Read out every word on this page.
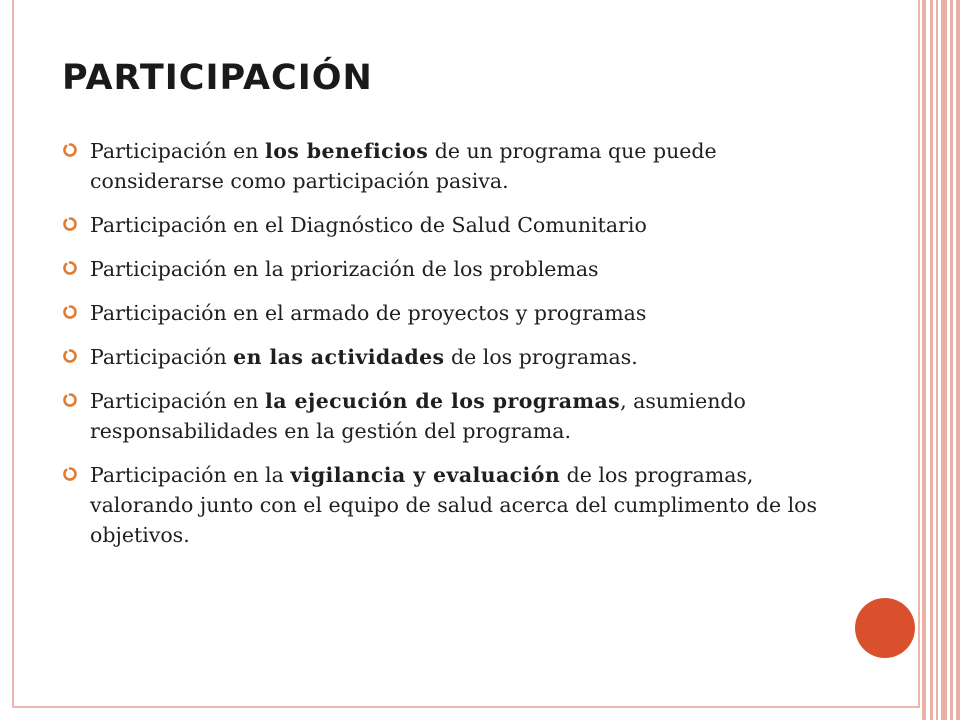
PARTICIPACIÓN
Participación en los beneficios de un programa que puede considerarse como participación pasiva.
Participación en el Diagnóstico de Salud Comunitario
Participación en la priorización de los problemas
Participación en el armado de proyectos y programas
Participación en las actividades de los programas.
Participación en la ejecución de los programas, asumiendo responsabilidades en la gestión del programa.
Participación en la vigilancia y evaluación de los programas, valorando junto con el equipo de salud acerca del cumplimento de los objetivos.
